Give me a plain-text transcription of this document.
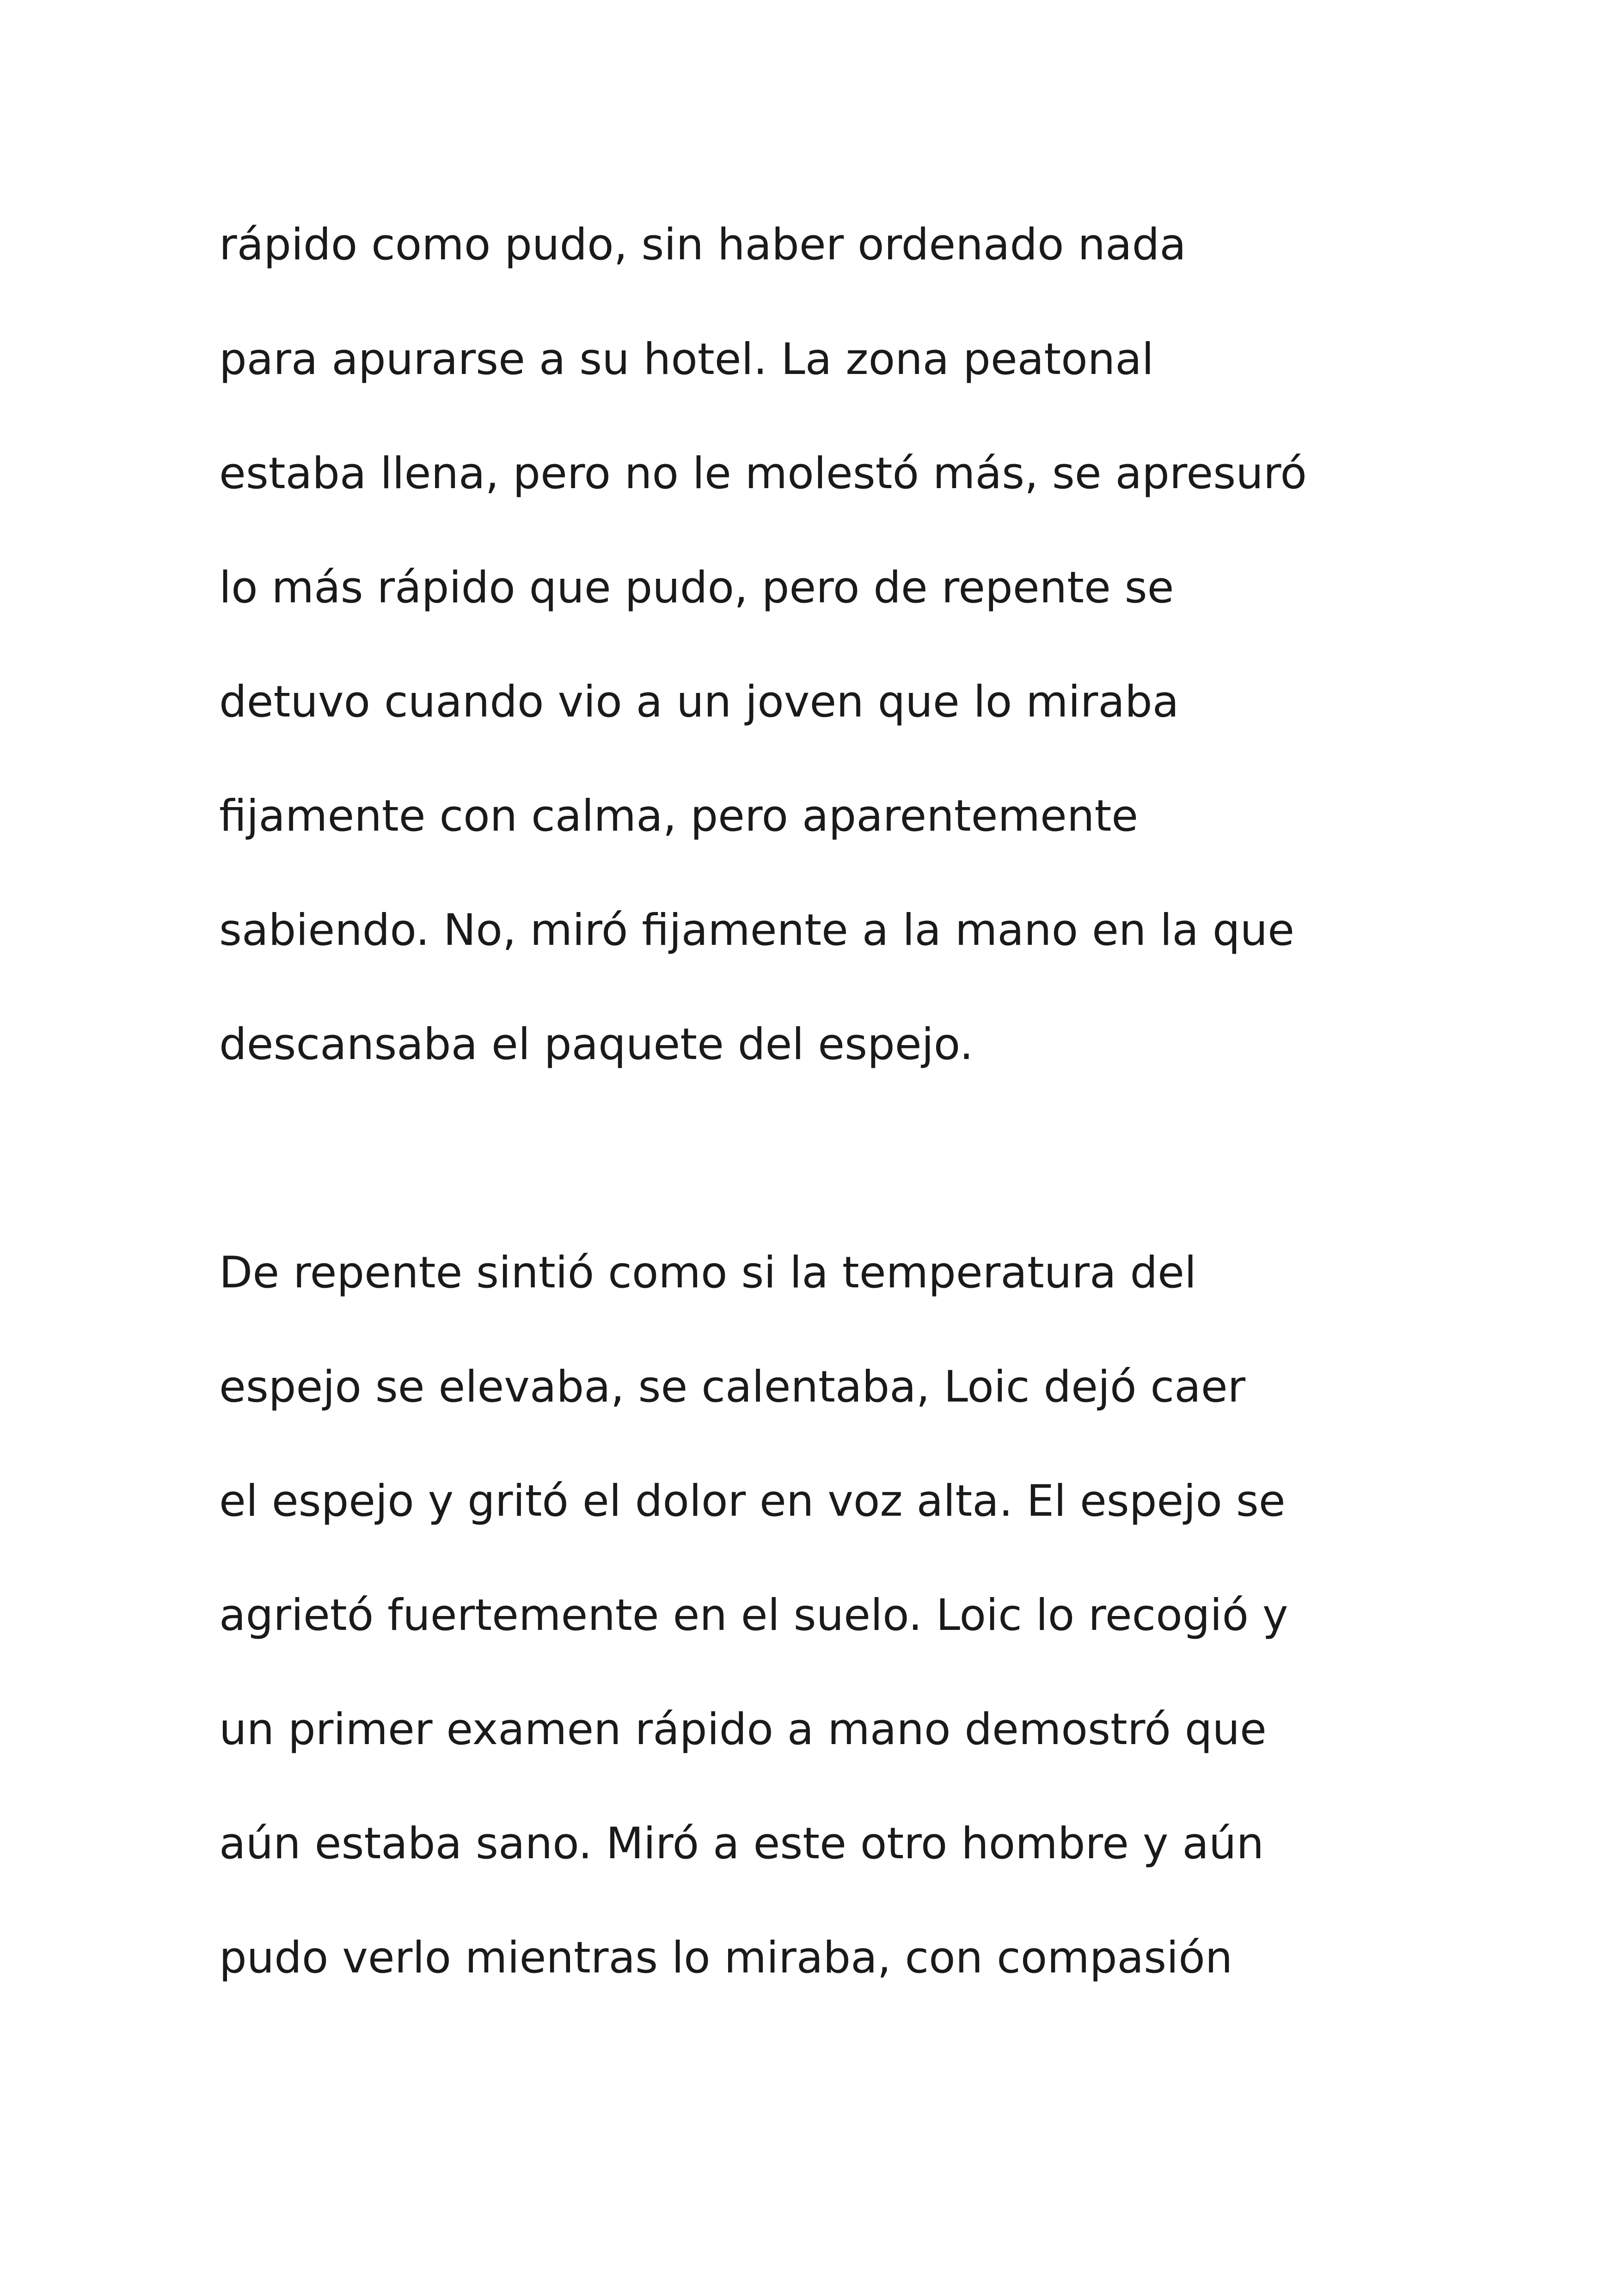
rápido como pudo, sin haber ordenado nada
para apurarse a su hotel. La zona peatonal
estaba llena, pero no le molestó más, se apresuró
lo más rápido que pudo, pero de repente se
detuvo cuando vio a un joven que lo miraba
fijamente con calma, pero aparentemente
sabiendo. No, miró fijamente a la mano en la que
descansaba el paquete del espejo.
De repente sintió como si la temperatura del
espejo se elevaba, se calentaba, Loic dejó caer
el espejo y gritó el dolor en voz alta. El espejo se
agrietó fuertemente en el suelo. Loic lo recogió y
un primer examen rápido a mano demostró que
aún estaba sano. Miró a este otro hombre y aún
pudo verlo mientras lo miraba, con compasión
